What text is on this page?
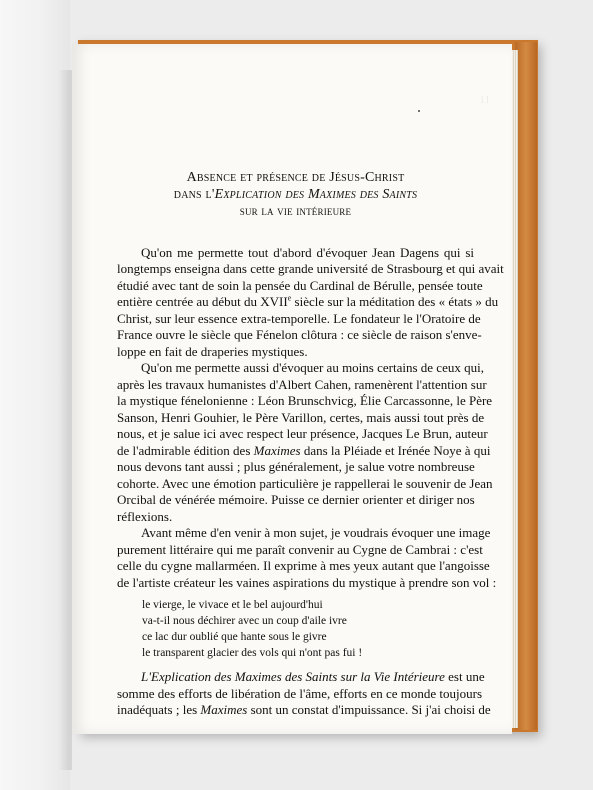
11
Absence et présence de Jésus-Christ
dans l'Explication des Maximes des Saints
sur la vie intérieure
Qu'on me permette tout d'abord d'évoquer Jean Dagens qui si
longtemps enseigna dans cette grande université de Strasbourg et qui avait
étudié avec tant de soin la pensée du Cardinal de Bérulle, pensée toute
entière centrée au début du XVIIe siècle sur la méditation des « états » du
Christ, sur leur essence extra-temporelle. Le fondateur le l'Oratoire de
France ouvre le siècle que Fénelon clôtura : ce siècle de raison s'enve-
loppe en fait de draperies mystiques.
Qu'on me permette aussi d'évoquer au moins certains de ceux qui,
après les travaux humanistes d'Albert Cahen, ramenèrent l'attention sur
la mystique fénelonienne : Léon Brunschvicg, Élie Carcassonne, le Père
Sanson, Henri Gouhier, le Père Varillon, certes, mais aussi tout près de
nous, et je salue ici avec respect leur présence, Jacques Le Brun, auteur
de l'admirable édition des Maximes dans la Pléiade et Irénée Noye à qui
nous devons tant aussi ; plus généralement, je salue votre nombreuse
cohorte. Avec une émotion particulière je rappellerai le souvenir de Jean
Orcibal de vénérée mémoire. Puisse ce dernier orienter et diriger nos
réflexions.
Avant même d'en venir à mon sujet, je voudrais évoquer une image
purement littéraire qui me paraît convenir au Cygne de Cambrai : c'est
celle du cygne mallarméen. Il exprime à mes yeux autant que l'angoisse
de l'artiste créateur les vaines aspirations du mystique à prendre son vol :
le vierge, le vivace et le bel aujourd'hui
va-t-il nous déchirer avec un coup d'aile ivre
ce lac dur oublié que hante sous le givre
le transparent glacier des vols qui n'ont pas fui !
L'Explication des Maximes des Saints sur la Vie Intérieure est une
somme des efforts de libération de l'âme, efforts en ce monde toujours
inadéquats ; les Maximes sont un constat d'impuissance. Si j'ai choisi de
